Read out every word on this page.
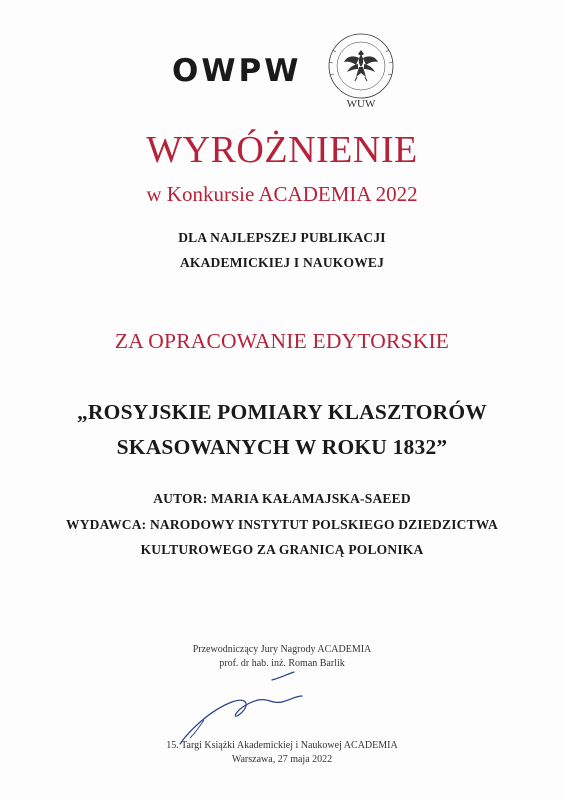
OWPW
WUW
WYRÓŻNIENIE
w Konkursie ACADEMIA 2022
DLA NAJLEPSZEJ PUBLIKACJI
AKADEMICKIEJ I NAUKOWEJ
ZA OPRACOWANIE EDYTORSKIE
„ROSYJSKIE POMIARY KLASZTORÓW
SKASOWANYCH W ROKU 1832”
AUTOR: MARIA KAŁAMAJSKA-SAEED
WYDAWCA: NARODOWY INSTYTUT POLSKIEGO DZIEDZICTWA
KULTUROWEGO ZA GRANICĄ POLONIKA
Przewodniczący Jury Nagrody ACADEMIA
prof. dr hab. inż. Roman Barlik
15. Targi Książki Akademickiej i Naukowej ACADEMIA
Warszawa, 27 maja 2022
